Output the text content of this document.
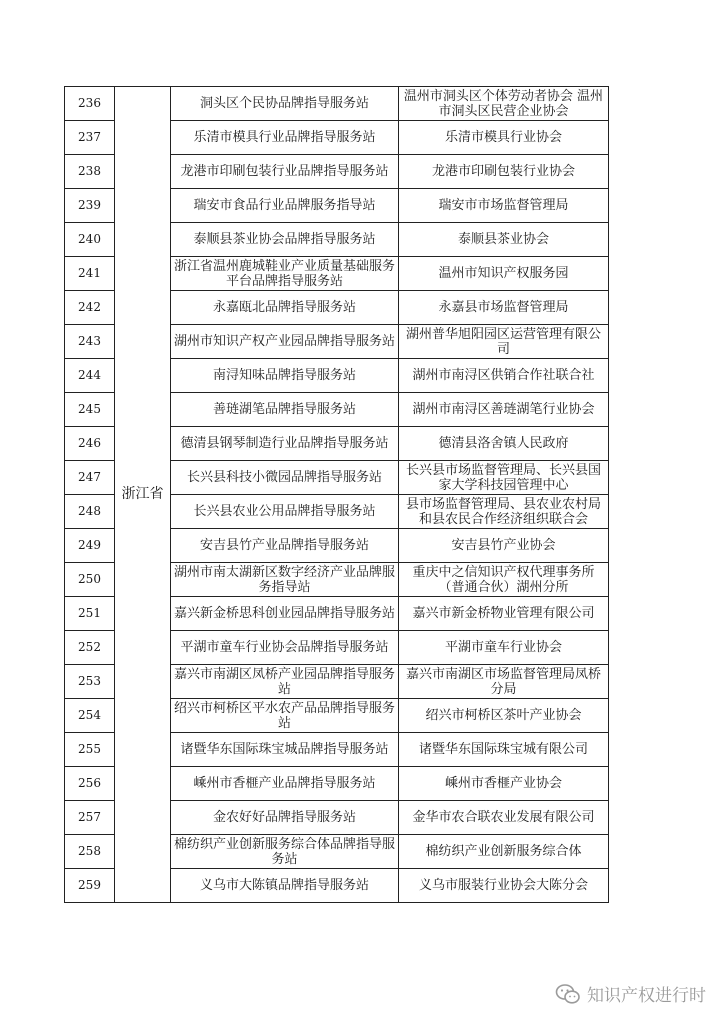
236	浙江省	洞头区个民协品牌指导服务站	温州市洞头区个体劳动者协会 温州市洞头区民营企业协会
237		乐清市模具行业品牌指导服务站	乐清市模具行业协会
238		龙港市印刷包装行业品牌指导服务站	龙港市印刷包装行业协会
239		瑞安市食品行业品牌服务指导站	瑞安市市场监督管理局
240		泰顺县茶业协会品牌指导服务站	泰顺县茶业协会
241		浙江省温州鹿城鞋业产业质量基础服务平台品牌指导服务站	温州市知识产权服务园
242		永嘉瓯北品牌指导服务站	永嘉县市场监督管理局
243		湖州市知识产权产业园品牌指导服务站	湖州普华旭阳园区运营管理有限公司
244		南浔知味品牌指导服务站	湖州市南浔区供销合作社联合社
245		善琏湖笔品牌指导服务站	湖州市南浔区善琏湖笔行业协会
246		德清县钢琴制造行业品牌指导服务站	德清县洛舍镇人民政府
247		长兴县科技小微园品牌指导服务站	长兴县市场监督管理局、长兴县国家大学科技园管理中心
248		长兴县农业公用品牌指导服务站	县市场监督管理局、县农业农村局和县农民合作经济组织联合会
249		安吉县竹产业品牌指导服务站	安吉县竹产业协会
250		湖州市南太湖新区数字经济产业品牌服务指导站	重庆中之信知识产权代理事务所（普通合伙）湖州分所
251		嘉兴新金桥思科创业园品牌指导服务站	嘉兴市新金桥物业管理有限公司
252		平湖市童车行业协会品牌指导服务站	平湖市童车行业协会
253		嘉兴市南湖区凤桥产业园品牌指导服务站	嘉兴市南湖区市场监督管理局凤桥分局
254		绍兴市柯桥区平水农产品品牌指导服务站	绍兴市柯桥区茶叶产业协会
255		诸暨华东国际珠宝城品牌指导服务站	诸暨华东国际珠宝城有限公司
256		嵊州市香榧产业品牌指导服务站	嵊州市香榧产业协会
257		金农好好品牌指导服务站	金华市农合联农业发展有限公司
258		棉纺织产业创新服务综合体品牌指导服务站	棉纺织产业创新服务综合体
259		义乌市大陈镇品牌指导服务站	义乌市服装行业协会大陈分会
知识产权进行时
